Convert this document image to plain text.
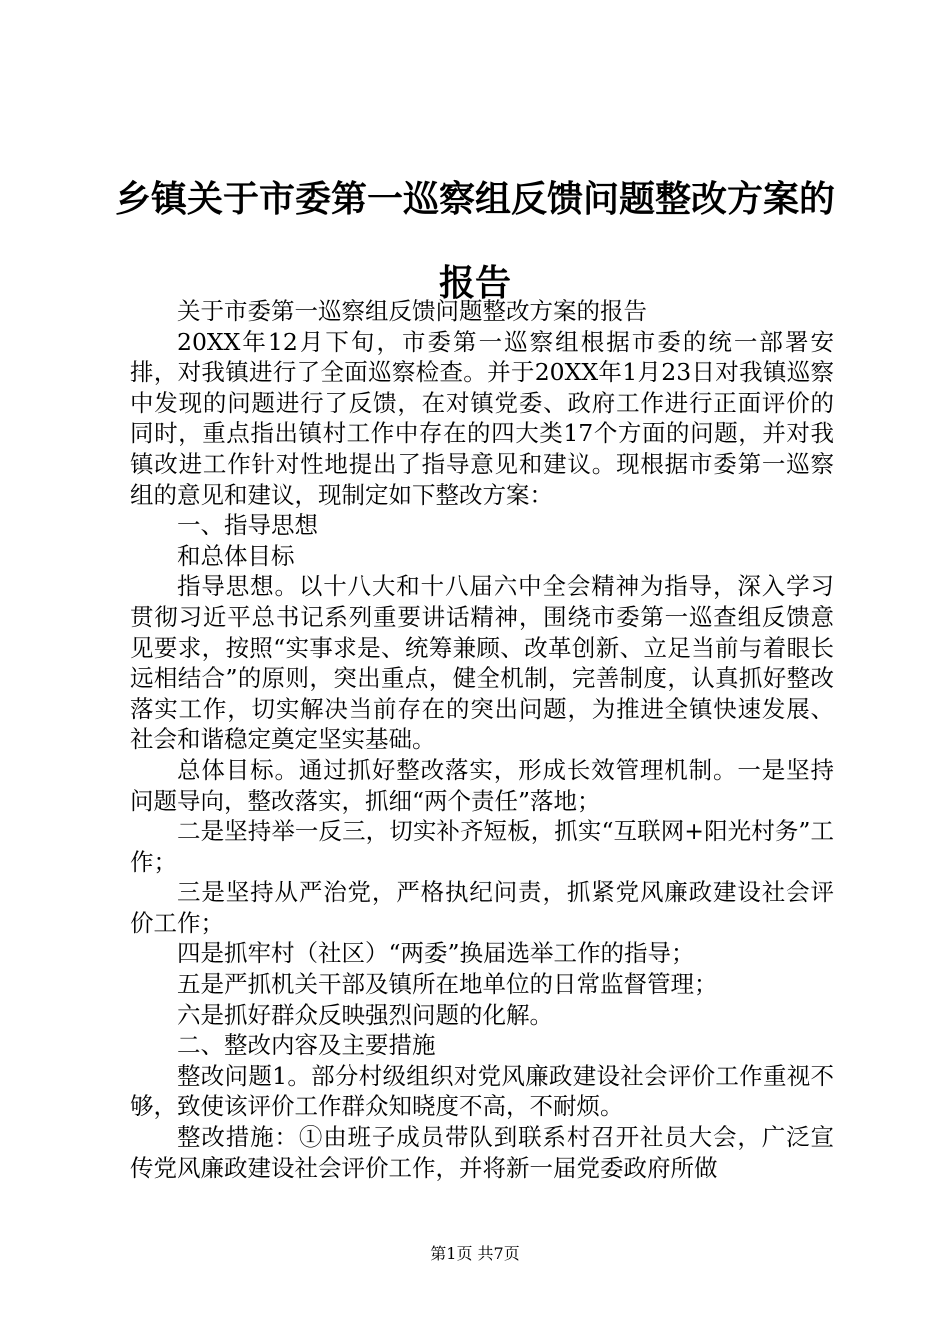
乡镇关于市委第一巡察组反馈问题整改方案的
报告

关于市委第一巡察组反馈问题整改方案的报告

20XX年12月下旬，市委第一巡察组根据市委的统一部署安排，对我镇进行了全面巡察检查。并于20XX年1月23日对我镇巡察中发现的问题进行了反馈，在对镇党委、政府工作进行正面评价的同时，重点指出镇村工作中存在的四大类17个方面的问题，并对我镇改进工作针对性地提出了指导意见和建议。现根据市委第一巡察组的意见和建议，现制定如下整改方案：

一、指导思想

和总体目标

指导思想。以十八大和十八届六中全会精神为指导，深入学习贯彻习近平总书记系列重要讲话精神，围绕市委第一巡查组反馈意见要求，按照“实事求是、统筹兼顾、改革创新、立足当前与着眼长远相结合”的原则，突出重点，健全机制，完善制度，认真抓好整改落实工作，切实解决当前存在的突出问题，为推进全镇快速发展、社会和谐稳定奠定坚实基础。

总体目标。通过抓好整改落实，形成长效管理机制。一是坚持问题导向，整改落实，抓细“两个责任”落地；

二是坚持举一反三，切实补齐短板，抓实“互联网+阳光村务”工作；

三是坚持从严治党，严格执纪问责，抓紧党风廉政建设社会评价工作；

四是抓牢村（社区）“两委”换届选举工作的指导；

五是严抓机关干部及镇所在地单位的日常监督管理；

六是抓好群众反映强烈问题的化解。

二、整改内容及主要措施

整改问题1。部分村级组织对党风廉政建设社会评价工作重视不够，致使该评价工作群众知晓度不高，不耐烦。

整改措施：①由班子成员带队到联系村召开社员大会，广泛宣传党风廉政建设社会评价工作，并将新一届党委政府所做

第1页 共7页
